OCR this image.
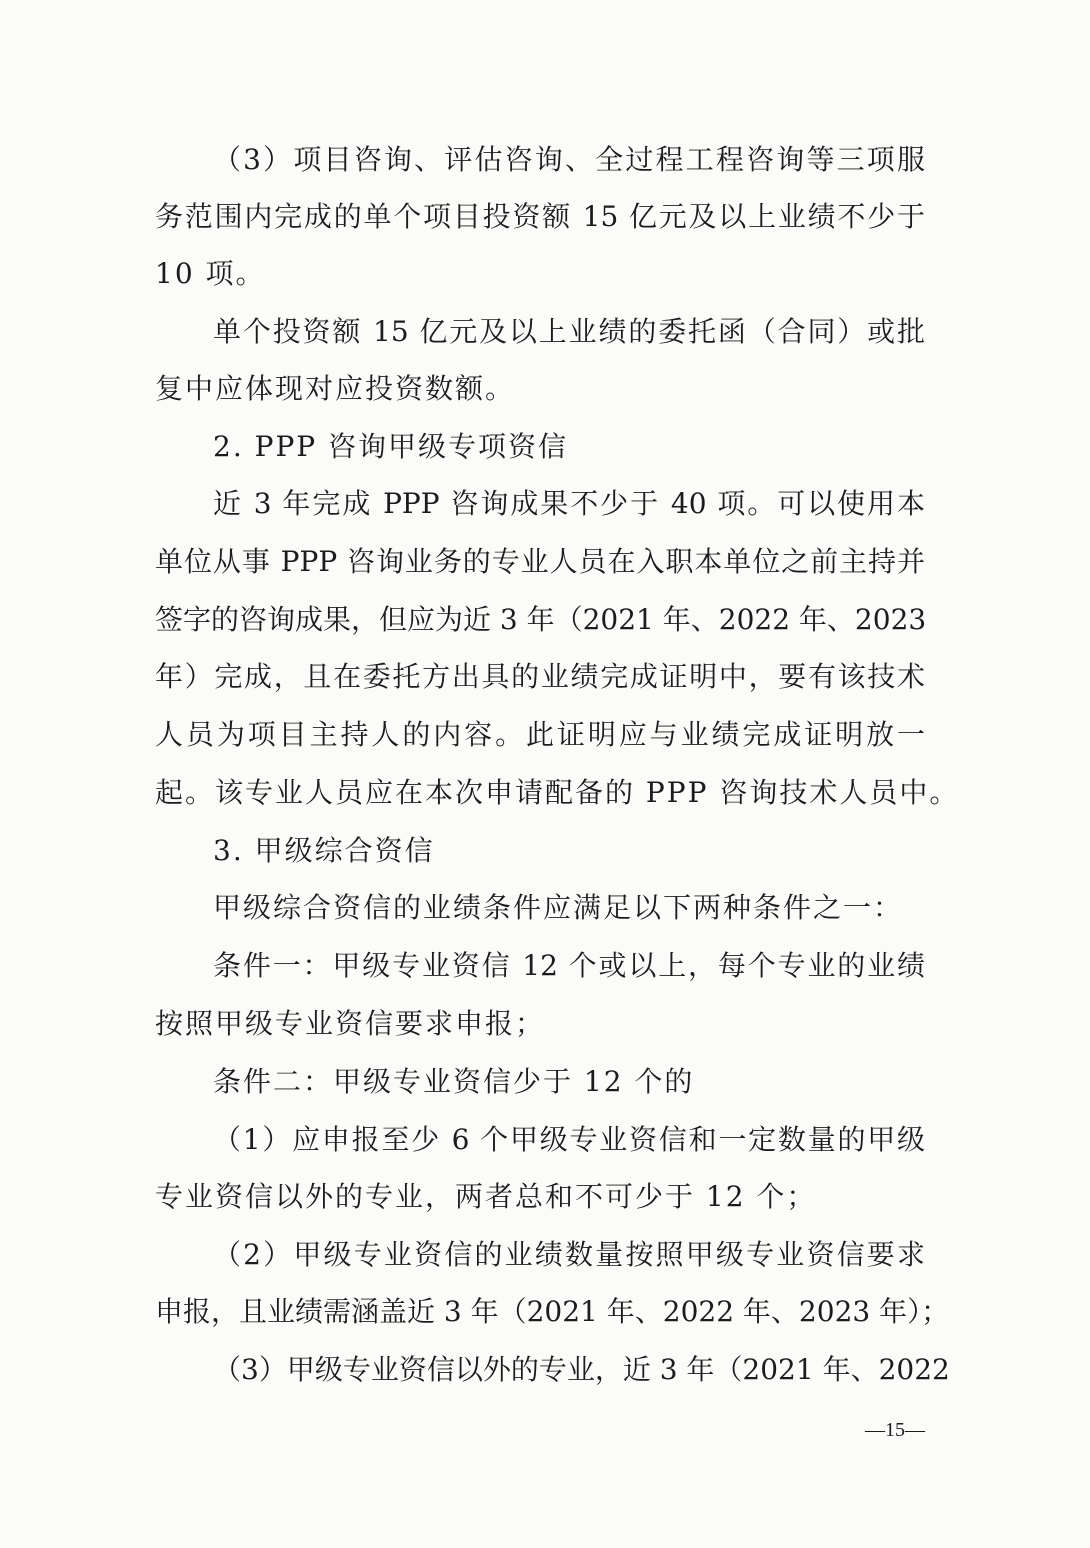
（3）项目咨询、评估咨询、全过程工程咨询等三项服
务范围内完成的单个项目投资额 15 亿元及以上业绩不少于
10 项。
单个投资额 15 亿元及以上业绩的委托函（合同）或批
复中应体现对应投资数额。
2. PPP 咨询甲级专项资信
近 3 年完成 PPP 咨询成果不少于 40 项。可以使用本
单位从事 PPP 咨询业务的专业人员在入职本单位之前主持并
签字的咨询成果，但应为近 3 年（2021 年、2022 年、2023
年）完成，且在委托方出具的业绩完成证明中，要有该技术
人员为项目主持人的内容。此证明应与业绩完成证明放一
起。该专业人员应在本次申请配备的 PPP 咨询技术人员中。
3. 甲级综合资信
甲级综合资信的业绩条件应满足以下两种条件之一：
条件一：甲级专业资信 12 个或以上，每个专业的业绩
按照甲级专业资信要求申报；
条件二：甲级专业资信少于 12 个的
（1）应申报至少 6 个甲级专业资信和一定数量的甲级
专业资信以外的专业，两者总和不可少于 12 个；
（2）甲级专业资信的业绩数量按照甲级专业资信要求
申报，且业绩需涵盖近 3 年（2021 年、2022 年、2023 年）；
（3）甲级专业资信以外的专业，近 3 年（2021 年、2022
—15—
